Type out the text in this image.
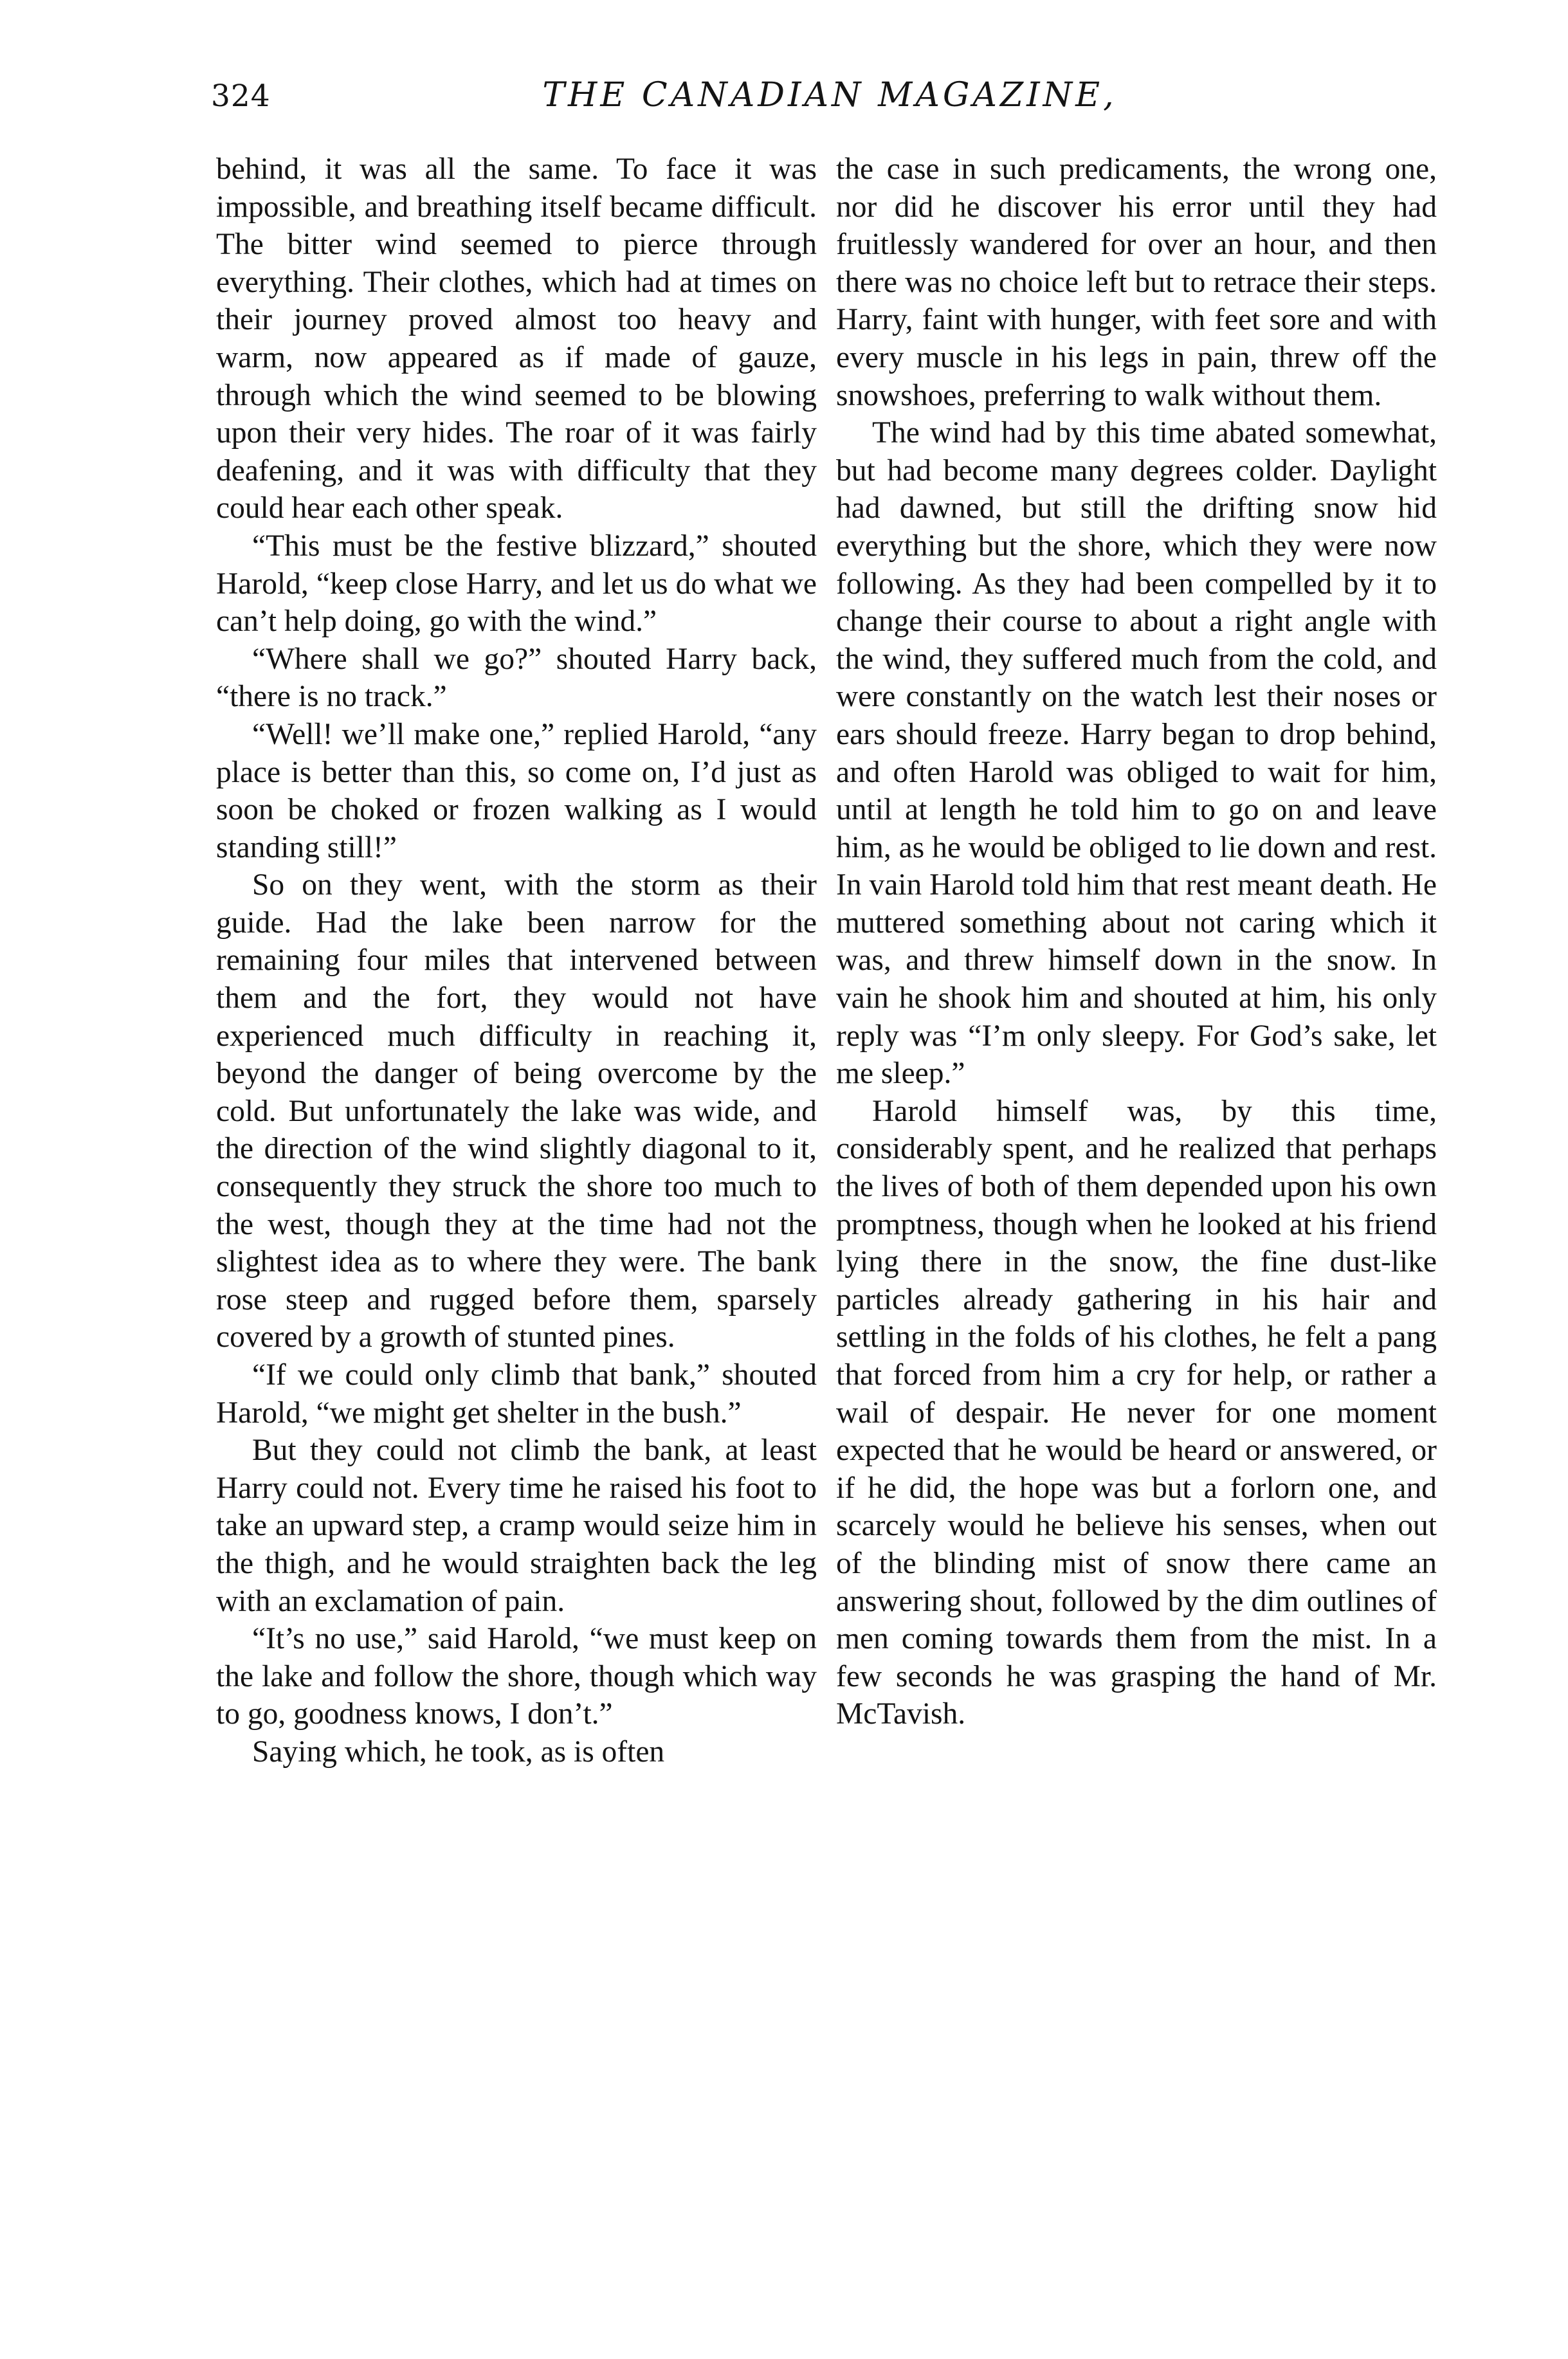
324	THE CANADIAN MAGAZINE,

behind, it was all the same. To face it was impossible, and breathing itself became difficult. The bitter wind seemed to pierce through everything. Their clothes, which had at times on their journey proved almost too heavy and warm, now appeared as if made of gauze, through which the wind seemed to be blowing upon their very hides. The roar of it was fairly deafening, and it was with difficulty that they could hear each other speak.

“This must be the festive blizzard,” shouted Harold, “keep close Harry, and let us do what we can’t help doing, go with the wind.”

“Where shall we go?” shouted Harry back, “there is no track.”

“Well! we’ll make one,” replied Harold, “any place is better than this, so come on, I’d just as soon be choked or frozen walking as I would standing still!”

So on they went, with the storm as their guide. Had the lake been narrow for the remaining four miles that intervened between them and the fort, they would not have experienced much difficulty in reaching it, beyond the danger of being overcome by the cold. But unfortunately the lake was wide, and the direction of the wind slightly diagonal to it, consequently they struck the shore too much to the west, though they at the time had not the slightest idea as to where they were. The bank rose steep and rugged before them, sparsely covered by a growth of stunted pines.

“If we could only climb that bank,” shouted Harold, “we might get shelter in the bush.”

But they could not climb the bank, at least Harry could not. Every time he raised his foot to take an upward step, a cramp would seize him in the thigh, and he would straighten back the leg with an exclamation of pain.

“It’s no use,” said Harold, “we must keep on the lake and follow the shore, though which way to go, goodness knows, I don’t.”

Saying which, he took, as is often

the case in such predicaments, the wrong one, nor did he discover his error until they had fruitlessly wandered for over an hour, and then there was no choice left but to retrace their steps. Harry, faint with hunger, with feet sore and with every muscle in his legs in pain, threw off the snowshoes, preferring to walk without them.

The wind had by this time abated somewhat, but had become many degrees colder. Daylight had dawned, but still the drifting snow hid everything but the shore, which they were now following. As they had been compelled by it to change their course to about a right angle with the wind, they suffered much from the cold, and were constantly on the watch lest their noses or ears should freeze. Harry began to drop behind, and often Harold was obliged to wait for him, until at length he told him to go on and leave him, as he would be obliged to lie down and rest. In vain Harold told him that rest meant death. He muttered something about not caring which it was, and threw himself down in the snow. In vain he shook him and shouted at him, his only reply was “I’m only sleepy. For God’s sake, let me sleep.”

Harold himself was, by this time, considerably spent, and he realized that perhaps the lives of both of them depended upon his own promptness, though when he looked at his friend lying there in the snow, the fine dust-like particles already gathering in his hair and settling in the folds of his clothes, he felt a pang that forced from him a cry for help, or rather a wail of despair. He never for one moment expected that he would be heard or answered, or if he did, the hope was but a forlorn one, and scarcely would he believe his senses, when out of the blinding mist of snow there came an answering shout, followed by the dim outlines of men coming towards them from the mist. In a few seconds he was grasping the hand of Mr. McTavish.
